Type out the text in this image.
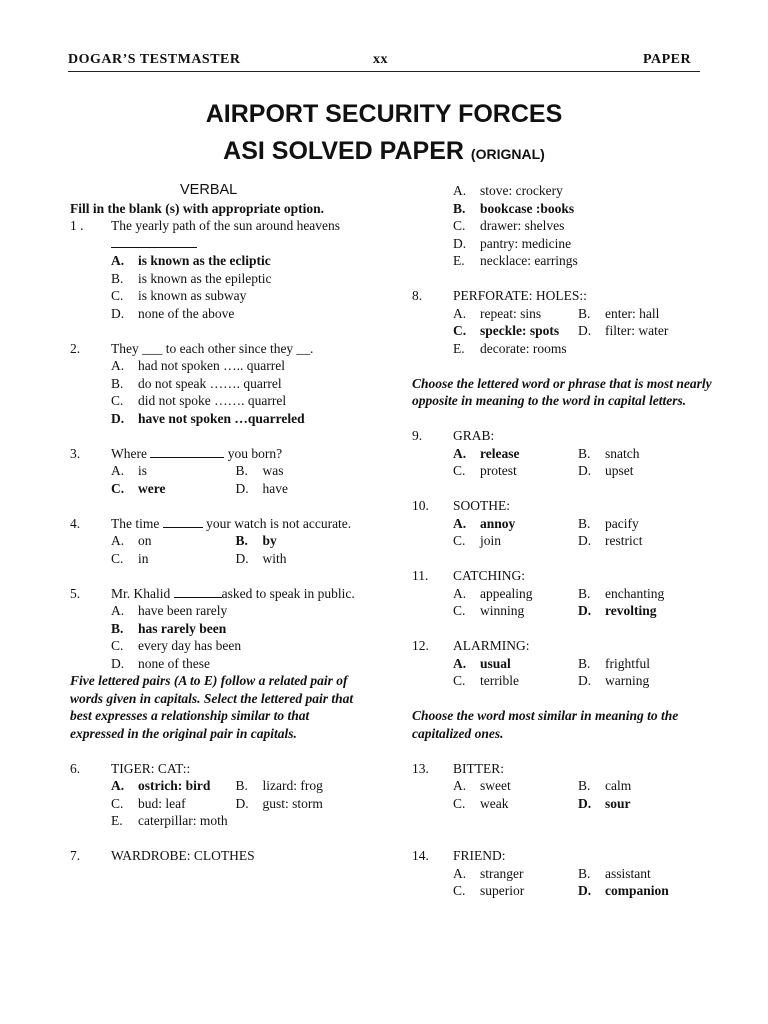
DOGAR’S TESTMASTER	xx	PAPER
AIRPORT SECURITY FORCES
ASI SOLVED PAPER (ORIGNAL)
VERBAL
Fill in the blank (s) with appropriate option.
1 .	The yearly path of the sun around heavens
A.	is known as the ecliptic
B.	is known as the epileptic
C.	is known as subway
D.	none of the above
2.	They ___ to each other since they __.
A.	had not spoken ….. quarrel
B.	do not speak ……. quarrel
C.	did not spoke ……. quarrel
D.	have not spoken …quarreled
3.	Where	you born?
A.	is	B.	was
C.	were	D.	have
4.	The time	your watch is not accurate.
A.	on	B.	by
C.	in	D.	with
5.	Mr. Khalid	asked to speak in public.
A.	have been rarely
B.	has rarely been
C.	every day has been
D.	none of these
Five lettered pairs (A to E) follow a related pair of words given in capitals. Select the lettered pair that best expresses a relationship similar to that expressed in the original pair in capitals.
6.	TIGER: CAT::
A.	ostrich: bird B.	lizard: frog
C.	bud: leaf	D.	gust: storm
E.	caterpillar: moth
7.	WARDROBE: CLOTHES
A.	stove: crockery
B.	bookcase :books
C.	drawer: shelves
D.	pantry: medicine
E.	necklace: earrings
8.	PERFORATE: HOLES::
A.	repeat: sins	B.	enter: hall
C.	speckle: spots D.	filter: water
E.	decorate: rooms
Choose the lettered word or phrase that is most nearly opposite in meaning to the word in capital letters.
9.	GRAB:
A.	release	B.	snatch
C.	protest	D.	upset
10.	SOOTHE:
A.	annoy	B.	pacify
C.	join	D.	restrict
11.	CATCHING:
A.	appealing	B.	enchanting
C.	winning	D.	revolting
12.	ALARMING:
A.	usual	B.	frightful
C.	terrible	D.	warning
Choose the word most similar in meaning to the capitalized ones.
13.	BITTER:
A.	sweet	B.	calm
C.	weak	D.	sour
14.	FRIEND:
A.	stranger	B.	assistant
C.	superior	D.	companion
